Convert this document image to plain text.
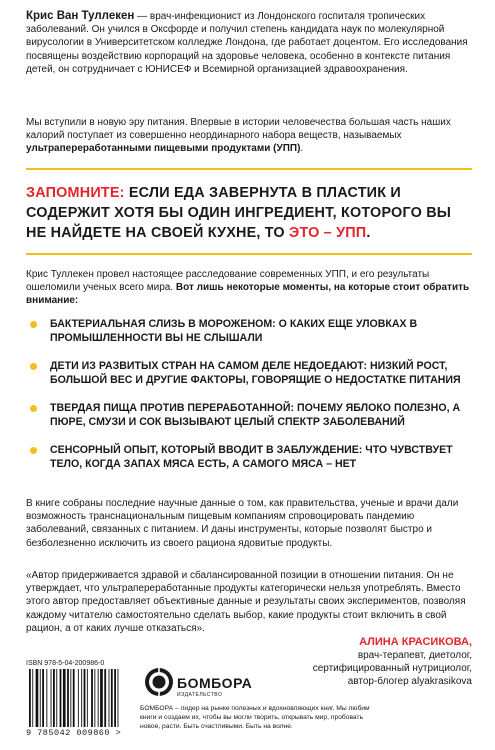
Крис Ван Туллекен — врач-инфекционист из Лондонского госпиталя тропических заболеваний. Он учился в Оксфорде и получил степень кандидата наук по молекулярной вирусологии в Университетском колледже Лондона, где работает доцентом. Его исследования посвящены воздействию корпораций на здоровье человека, особенно в контексте питания детей, он сотрудничает с ЮНИСЕФ и Всемирной организацией здравоохранения.

Мы вступили в новую эру питания. Впервые в истории человечества большая часть наших калорий поступает из совершенно неординарного набора веществ, называемых ультрапереработанными пищевыми продуктами (УПП).

ЗАПОМНИТЕ: ЕСЛИ ЕДА ЗАВЕРНУТА В ПЛАСТИК И СОДЕРЖИТ ХОТЯ БЫ ОДИН ИНГРЕДИЕНТ, КОТОРОГО ВЫ НЕ НАЙДЕТЕ НА СВОЕЙ КУХНЕ, ТО ЭТО – УПП.

Крис Туллекен провел настоящее расследование современных УПП, и его результаты ошеломили ученых всего мира. Вот лишь некоторые моменты, на которые стоит обратить внимание:

БАКТЕРИАЛЬНАЯ СЛИЗЬ В МОРОЖЕНОМ: О КАКИХ ЕЩЕ УЛОВКАХ В ПРОМЫШЛЕННОСТИ ВЫ НЕ СЛЫШАЛИ
ДЕТИ ИЗ РАЗВИТЫХ СТРАН НА САМОМ ДЕЛЕ НЕДОЕДАЮТ: НИЗКИЙ РОСТ, БОЛЬШОЙ ВЕС И ДРУГИЕ ФАКТОРЫ, ГОВОРЯЩИЕ О НЕДОСТАТКЕ ПИТАНИЯ
ТВЕРДАЯ ПИЩА ПРОТИВ ПЕРЕРАБОТАННОЙ: ПОЧЕМУ ЯБЛОКО ПОЛЕЗНО, А ПЮРЕ, СМУЗИ И СОК ВЫЗЫВАЮТ ЦЕЛЫЙ СПЕКТР ЗАБОЛЕВАНИЙ
СЕНСОРНЫЙ ОПЫТ, КОТОРЫЙ ВВОДИТ В ЗАБЛУЖДЕНИЕ: ЧТО ЧУВСТВУЕТ ТЕЛО, КОГДА ЗАПАХ МЯСА ЕСТЬ, А САМОГО МЯСА – НЕТ

В книге собраны последние научные данные о том, как правительства, ученые и врачи дали возможность транснациональным пищевым компаниям спровоцировать пандемию заболеваний, связанных с питанием. И даны инструменты, которые позволят быстро и безболезненно исключить из своего рациона ядовитые продукты.

«Автор придерживается здравой и сбалансированной позиции в отношении питания. Он не утверждает, что ультрапереработанные продукты категорически нельзя употреблять. Вместо этого автор предоставляет объективные данные и результаты своих экспериментов, позволяя каждому читателю самостоятельно сделать выбор, какие продукты стоит включить в свой рацион, а от каких лучше отказаться».

АЛИНА КРАСИКОВА,
врач-терапевт, диетолог,
сертифицированный нутрициолог,
автор-блогер alyakrasikova
ISBN 978-5-04-200986-0
9 785042 009860 >
БОМБОРА
ИЗДАТЕЛЬСТВО
БОМБОРА – лидер на рынке полезных и вдохновляющих книг. Мы любим книги и создаем их, чтобы вы могли творить, открывать мир, пробовать новое, расти. Быть счастливыми. Быть на волне.
